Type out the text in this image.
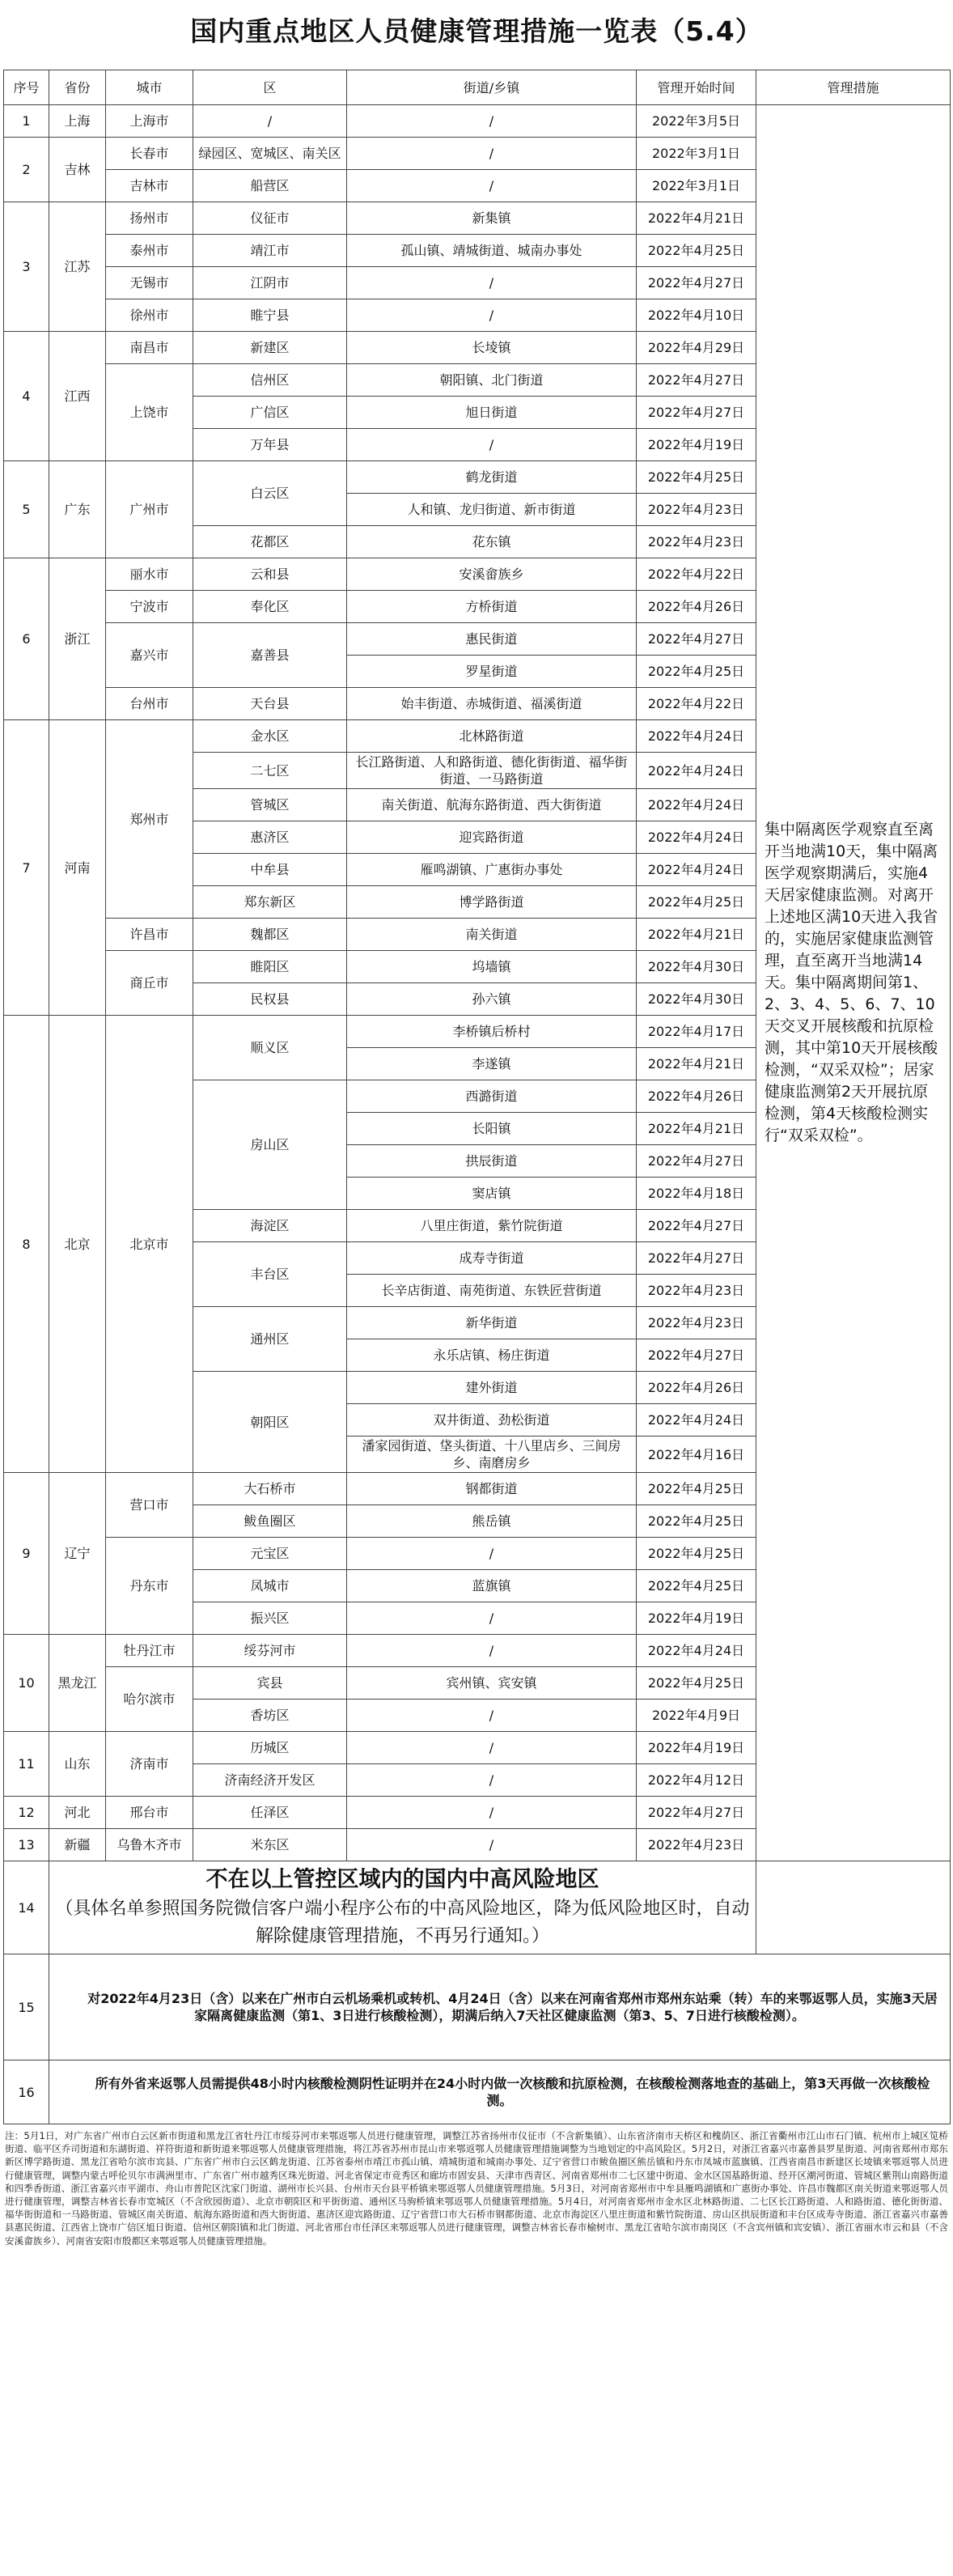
国内重点地区人员健康管理措施一览表（5.4）
序号	省份	城市	区	街道/乡镇	管理开始时间	管理措施
1	上海	上海市	/	/	2022年3月5日	集中隔离医学观察直至离开当地满10天，集中隔离医学观察期满后，实施4天居家健康监测。对离开上述地区满10天进入我省的，实施居家健康监测管理，直至离开当地满14天。集中隔离期间第1、2、3、4、5、6、7、10天交叉开展核酸和抗原检测，其中第10天开展核酸检测，“双采双检”；居家健康监测第2天开展抗原检测，第4天核酸检测实行“双采双检”。
2	吉林	长春市	绿园区、宽城区、南关区	/	2022年3月1日	
		吉林市	船营区	/	2022年3月1日	
3	江苏	扬州市	仪征市	新集镇	2022年4月21日	
		泰州市	靖江市	孤山镇、靖城街道、城南办事处	2022年4月25日	
		无锡市	江阴市	/	2022年4月27日	
		徐州市	睢宁县	/	2022年4月10日	
4	江西	南昌市	新建区	长堎镇	2022年4月29日	
		上饶市	信州区	朝阳镇、北门街道	2022年4月27日	
			广信区	旭日街道	2022年4月27日	
			万年县	/	2022年4月19日	
5	广东	广州市	白云区	鹤龙街道	2022年4月25日	
				人和镇、龙归街道、新市街道	2022年4月23日	
			花都区	花东镇	2022年4月23日	
6	浙江	丽水市	云和县	安溪畲族乡	2022年4月22日	
		宁波市	奉化区	方桥街道	2022年4月26日	
		嘉兴市	嘉善县	惠民街道	2022年4月27日	
				罗星街道	2022年4月25日	
		台州市	天台县	始丰街道、赤城街道、福溪街道	2022年4月22日	
7	河南	郑州市	金水区	北林路街道	2022年4月24日	
			二七区	长江路街道、人和路街道、德化街街道、福华街街道、一马路街道	2022年4月24日	
			管城区	南关街道、航海东路街道、西大街街道	2022年4月24日	
			惠济区	迎宾路街道	2022年4月24日	
			中牟县	雁鸣湖镇、广惠街办事处	2022年4月24日	
			郑东新区	博学路街道	2022年4月25日	
		许昌市	魏都区	南关街道	2022年4月21日	
		商丘市	睢阳区	坞墙镇	2022年4月30日	
			民权县	孙六镇	2022年4月30日	
8	北京	北京市	顺义区	李桥镇后桥村	2022年4月17日	
				李遂镇	2022年4月21日	
			房山区	西潞街道	2022年4月26日	
				长阳镇	2022年4月21日	
				拱辰街道	2022年4月27日	
				窦店镇	2022年4月18日	
			海淀区	八里庄街道，紫竹院街道	2022年4月27日	
			丰台区	成寿寺街道	2022年4月27日	
				长辛店街道、南苑街道、东铁匠营街道	2022年4月23日	
			通州区	新华街道	2022年4月23日	
				永乐店镇、杨庄街道	2022年4月27日	
			朝阳区	建外街道	2022年4月26日	
				双井街道、劲松街道	2022年4月24日	
				潘家园街道、垡头街道、十八里店乡、三间房乡、南磨房乡	2022年4月16日	
9	辽宁	营口市	大石桥市	钢都街道	2022年4月25日	
			鲅鱼圈区	熊岳镇	2022年4月25日	
		丹东市	元宝区	/	2022年4月25日	
			凤城市	蓝旗镇	2022年4月25日	
			振兴区	/	2022年4月19日	
10	黑龙江	牡丹江市	绥芬河市	/	2022年4月24日	
		哈尔滨市	宾县	宾州镇、宾安镇	2022年4月25日	
			香坊区	/	2022年4月9日	
11	山东	济南市	历城区	/	2022年4月19日	
			济南经济开发区	/	2022年4月12日	
12	河北	邢台市	任泽区	/	2022年4月27日	
13	新疆	乌鲁木齐市	米东区	/	2022年4月23日	
14	不在以上管控区域内的国内中高风险地区
（具体名单参照国务院微信客户端小程序公布的中高风险地区，降为低风险地区时，自动解除健康管理措施，不再另行通知。）					

15	对2022年4月23日（含）以来在广州市白云机场乘机或转机、4月24日（含）以来在河南省郑州市郑州东站乘（转）车的来鄂返鄂人员，实施3天居家隔离健康监测（第1、3日进行核酸检测），期满后纳入7天社区健康监测（第3、5、7日进行核酸检测）。					
16	所有外省来返鄂人员需提供48小时内核酸检测阴性证明并在24小时内做一次核酸和抗原检测，在核酸检测落地查的基础上，第3天再做一次核酸检测。					
注：5月1日，对广东省广州市白云区新市街道和黑龙江省牡丹江市绥芬河市来鄂返鄂人员进行健康管理，调整江苏省扬州市仪征市（不含新集镇）、山东省济南市天桥区和槐荫区、浙江省衢州市江山市石门镇、杭州市上城区笕桥街道、临平区乔司街道和东湖街道、祥符街道和新街道来鄂返鄂人员健康管理措施，将江苏省苏州市昆山市来鄂返鄂人员健康管理措施调整为当地划定的中高风险区。5月2日，对浙江省嘉兴市嘉善县罗星街道、河南省郑州市郑东新区博学路街道、黑龙江省哈尔滨市宾县、广东省广州市白云区鹤龙街道、江苏省泰州市靖江市孤山镇、靖城街道和城南办事处、辽宁省营口市鲅鱼圈区熊岳镇和丹东市凤城市蓝旗镇、江西省南昌市新建区长堎镇来鄂返鄂人员进行健康管理，调整内蒙古呼伦贝尔市满洲里市、广东省广州市越秀区珠光街道、河北省保定市竞秀区和廊坊市固安县、天津市西青区、河南省郑州市二七区建中街道、金水区国基路街道、经开区潮河街道、管城区紫荆山南路街道和四季香街道、浙江省嘉兴市平湖市、舟山市普陀区沈家门街道、湖州市长兴县、台州市天台县平桥镇来鄂返鄂人员健康管理措施。5月3日，对河南省郑州市中牟县雁鸣湖镇和广惠街办事处、许昌市魏都区南关街道来鄂返鄂人员进行健康管理，调整吉林省长春市宽城区（不含欣园街道）、北京市朝阳区和平街街道、通州区马驹桥镇来鄂返鄂人员健康管理措施。5月4日，对河南省郑州市金水区北林路街道、二七区长江路街道、人和路街道、德化街街道、福华街街道和一马路街道、管城区南关街道、航海东路街道和西大街街道、惠济区迎宾路街道、辽宁省营口市大石桥市钢都街道、北京市海淀区八里庄街道和紫竹院街道、房山区拱辰街道和丰台区成寿寺街道、浙江省嘉兴市嘉善县惠民街道、江西省上饶市广信区旭日街道、信州区朝阳镇和北门街道、河北省邢台市任泽区来鄂返鄂人员进行健康管理，调整吉林省长春市榆树市、黑龙江省哈尔滨市南岗区（不含宾州镇和宾安镇）、浙江省丽水市云和县（不含安溪畲族乡）、河南省安阳市殷都区来鄂返鄂人员健康管理措施。
